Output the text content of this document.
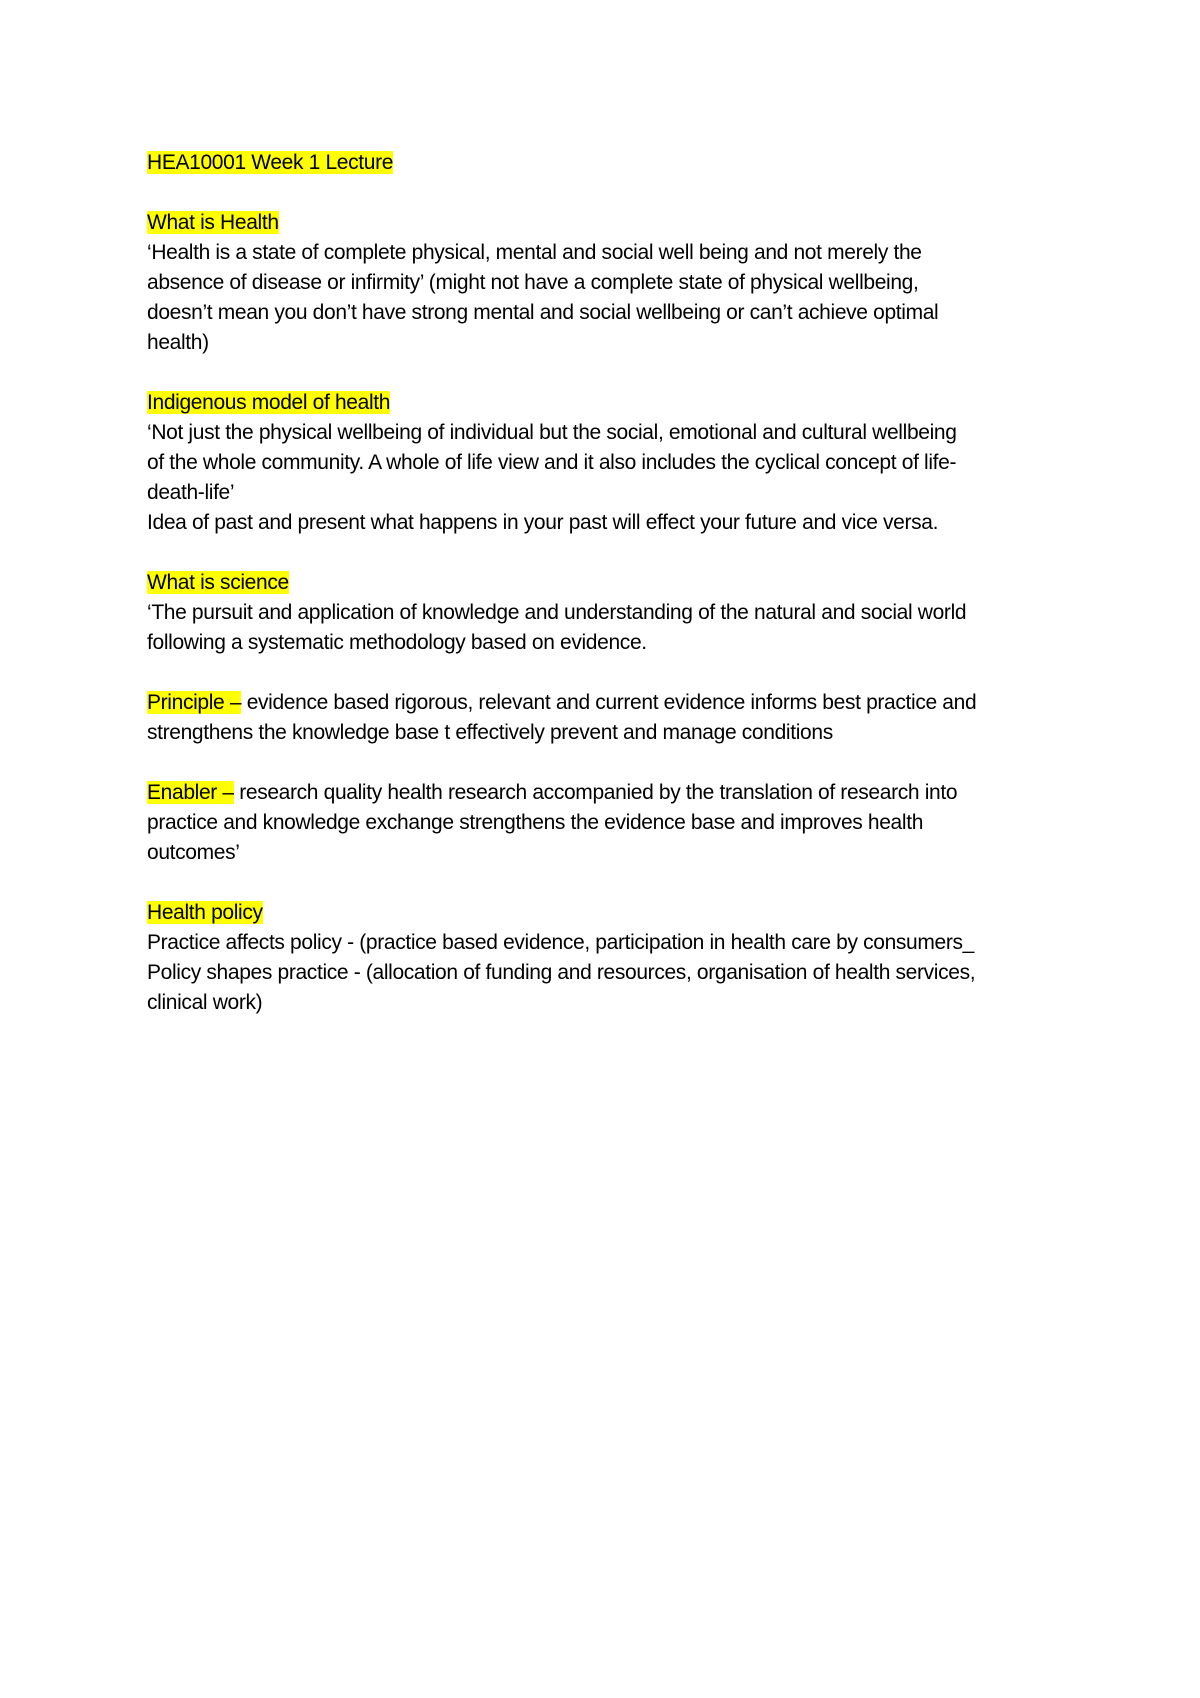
HEA10001 Week 1 Lecture
What is Health
‘Health is a state of complete physical, mental and social well being and not merely the
absence of disease or infirmity’ (might not have a complete state of physical wellbeing,
doesn’t mean you don’t have strong mental and social wellbeing or can’t achieve optimal
health)
Indigenous model of health
‘Not just the physical wellbeing of individual but the social, emotional and cultural wellbeing
of the whole community. A whole of life view and it also includes the cyclical concept of life-
death-life’
Idea of past and present what happens in your past will effect your future and vice versa.
What is science
‘The pursuit and application of knowledge and understanding of the natural and social world
following a systematic methodology based on evidence.
Principle – evidence based rigorous, relevant and current evidence informs best practice and
strengthens the knowledge base t effectively prevent and manage conditions
Enabler – research quality health research accompanied by the translation of research into
practice and knowledge exchange strengthens the evidence base and improves health
outcomes’
Health policy
Practice affects policy - (practice based evidence, participation in health care by consumers_
Policy shapes practice - (allocation of funding and resources, organisation of health services,
clinical work)
